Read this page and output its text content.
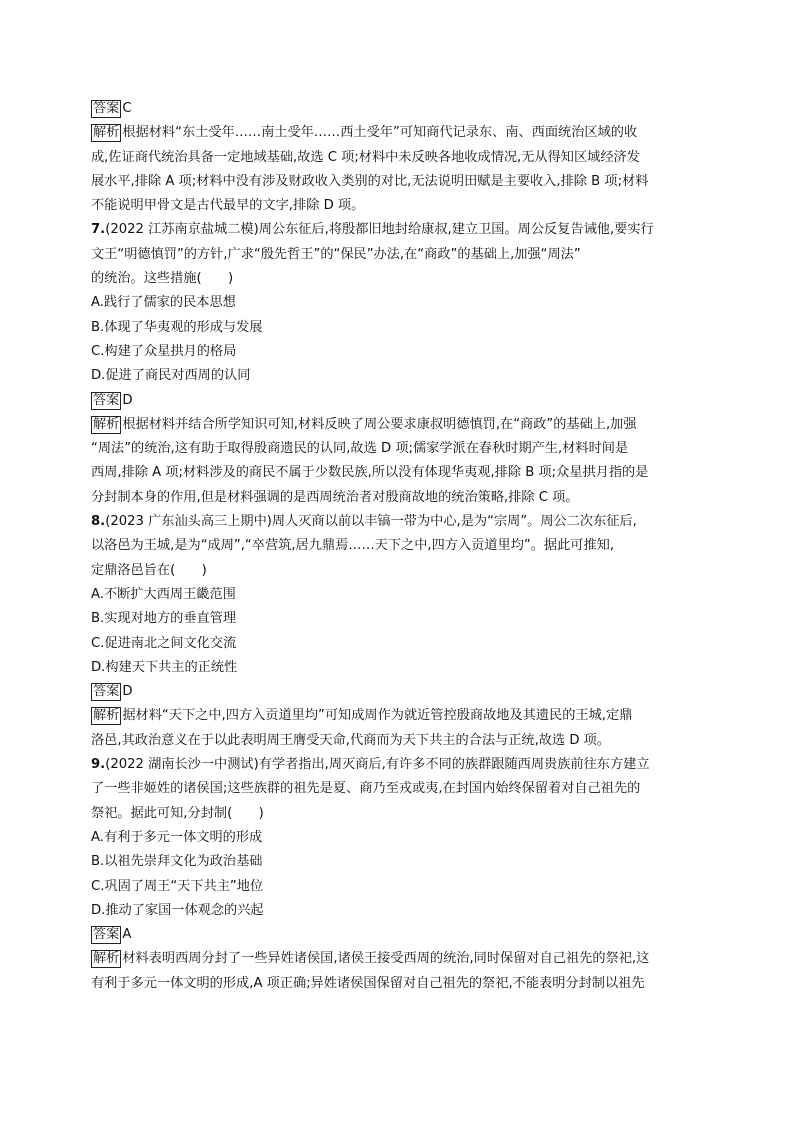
答案 C
解析 根据材料“东土受年……南土受年……西土受年”可知商代记录东、南、西面统治区域的收
成,佐证商代统治具备一定地域基础,故选 C 项;材料中未反映各地收成情况,无从得知区域经济发
展水平,排除 A 项;材料中没有涉及财政收入类别的对比,无法说明田赋是主要收入,排除 B 项;材料
不能说明甲骨文是古代最早的文字,排除 D 项。
7.(2022 江苏南京盐城二模)周公东征后,将殷都旧地封给康叔,建立卫国。周公反复告诫他,要实行
文王“明德慎罚”的方针,广求“殷先哲王”的“保民”办法,在“商政”的基础上,加强“周法”
的统治。这些措施(　　)
A.践行了儒家的民本思想
B.体现了华夷观的形成与发展
C.构建了众星拱月的格局
D.促进了商民对西周的认同
答案 D
解析 根据材料并结合所学知识可知,材料反映了周公要求康叔明德慎罚,在“商政”的基础上,加强
“周法”的统治,这有助于取得殷商遗民的认同,故选 D 项;儒家学派在春秋时期产生,材料时间是
西周,排除 A 项;材料涉及的商民不属于少数民族,所以没有体现华夷观,排除 B 项;众星拱月指的是
分封制本身的作用,但是材料强调的是西周统治者对殷商故地的统治策略,排除 C 项。
8.(2023 广东汕头高三上期中)周人灭商以前以丰镐一带为中心,是为“宗周”。周公二次东征后,
以洛邑为王城,是为“成周”,“卒营筑,居九鼎焉……天下之中,四方入贡道里均”。据此可推知,
定鼎洛邑旨在(　　)
A.不断扩大西周王畿范围
B.实现对地方的垂直管理
C.促进南北之间文化交流
D.构建天下共主的正统性
答案 D
解析 据材料“天下之中,四方入贡道里均”可知成周作为就近管控殷商故地及其遗民的王城,定鼎
洛邑,其政治意义在于以此表明周王膺受天命,代商而为天下共主的合法与正统,故选 D 项。
9.(2022 湖南长沙一中测试)有学者指出,周灭商后,有许多不同的族群跟随西周贵族前往东方建立
了一些非姬姓的诸侯国;这些族群的祖先是夏、商乃至戎或夷,在封国内始终保留着对自己祖先的
祭祀。据此可知,分封制(　　)
A.有利于多元一体文明的形成
B.以祖先崇拜文化为政治基础
C.巩固了周王“天下共主”地位
D.推动了家国一体观念的兴起
答案 A
解析 材料表明西周分封了一些异姓诸侯国,诸侯王接受西周的统治,同时保留对自己祖先的祭祀,这
有利于多元一体文明的形成,A 项正确;异姓诸侯国保留对自己祖先的祭祀,不能表明分封制以祖先
